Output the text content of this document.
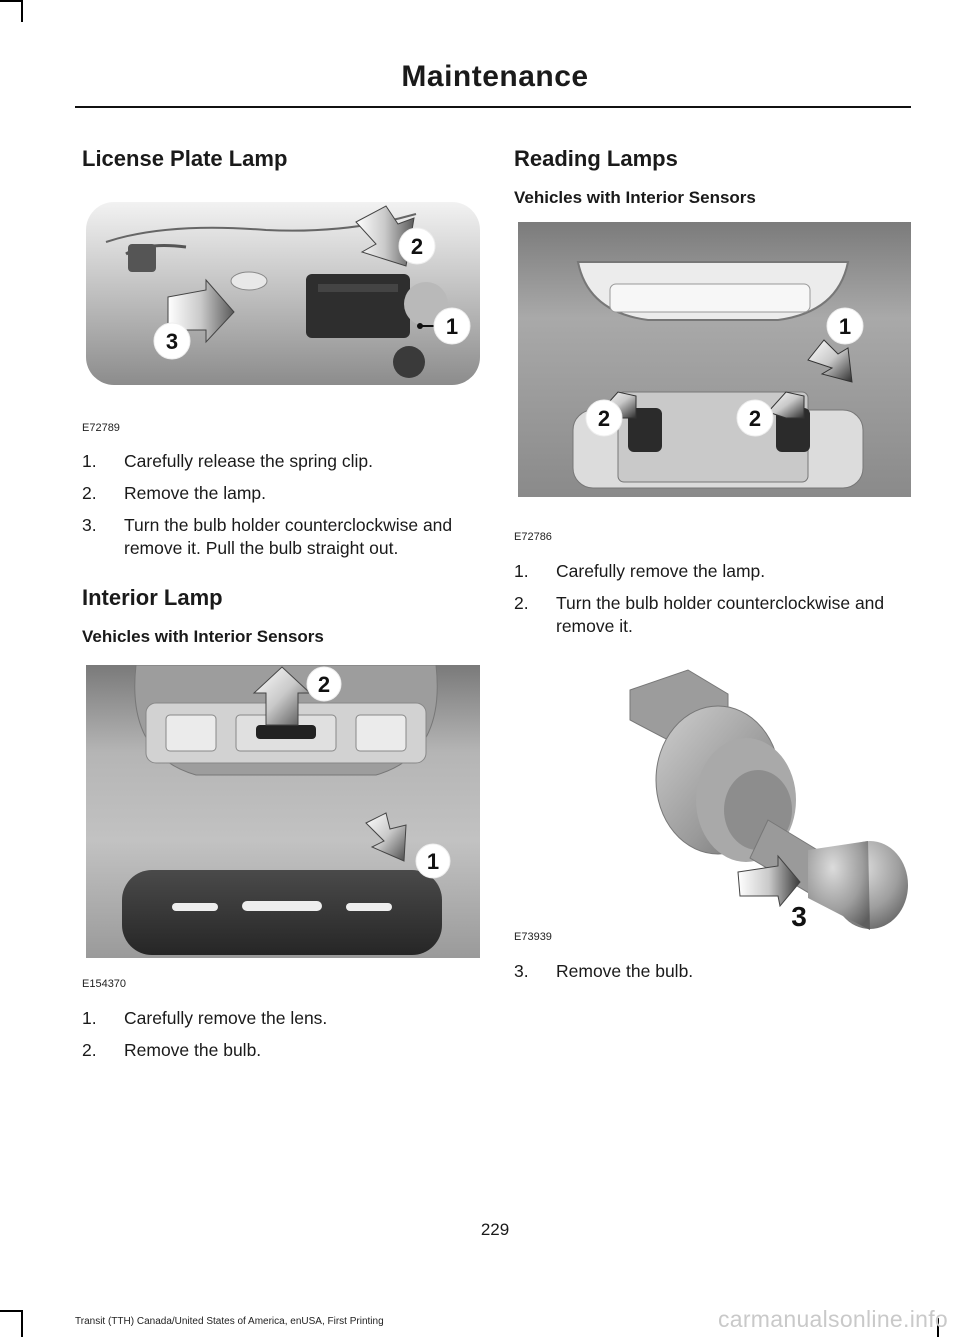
Maintenance
License Plate Lamp
1
2
3
E72789
1. Carefully release the spring clip.
2. Remove the lamp.
3. Turn the bulb holder counterclockwise and remove it. Pull the bulb straight out.
Interior Lamp
Vehicles with Interior Sensors
1
2
E154370
1. Carefully remove the lens.
2. Remove the bulb.
Reading Lamps
Vehicles with Interior Sensors
1
2	2
E72786
1. Carefully remove the lamp.
2. Turn the bulb holder counterclockwise and remove it.
3
E73939
3. Remove the bulb.
229
Transit (TTH) Canada/United States of America, enUSA, First Printing	carmanualsonline.info
